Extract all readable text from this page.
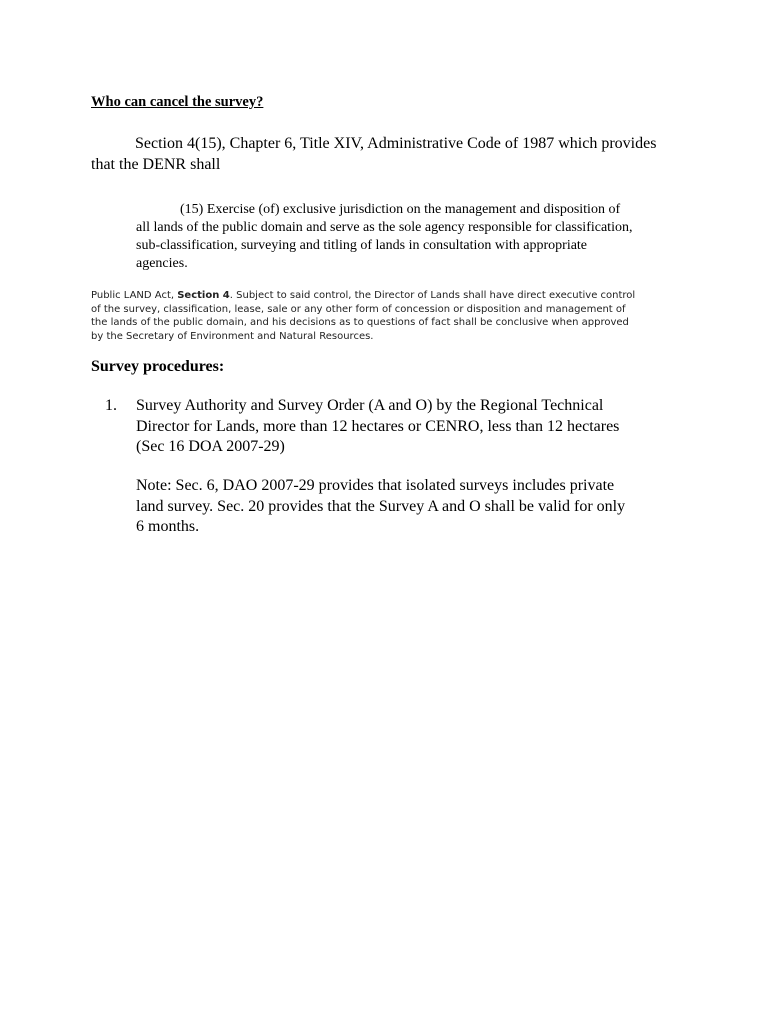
Who can cancel the survey?
Section 4(15), Chapter 6, Title XIV, Administrative Code of 1987 which provides that the DENR shall
(15) Exercise (of) exclusive jurisdiction on the management and disposition of all lands of the public domain and serve as the sole agency responsible for classification, sub-classification, surveying and titling of lands in consultation with appropriate agencies.
Public LAND Act, Section 4. Subject to said control, the Director of Lands shall have direct executive control of the survey, classification, lease, sale or any other form of concession or disposition and management of the lands of the public domain, and his decisions as to questions of fact shall be conclusive when approved by the Secretary of Environment and Natural Resources.
Survey procedures:
1. Survey Authority and Survey Order (A and O) by the Regional Technical Director for Lands, more than 12 hectares or CENRO, less than 12 hectares (Sec 16 DOA 2007-29)
Note: Sec. 6, DAO 2007-29 provides that isolated surveys includes private land survey. Sec. 20 provides that the Survey A and O shall be valid for only 6 months.
